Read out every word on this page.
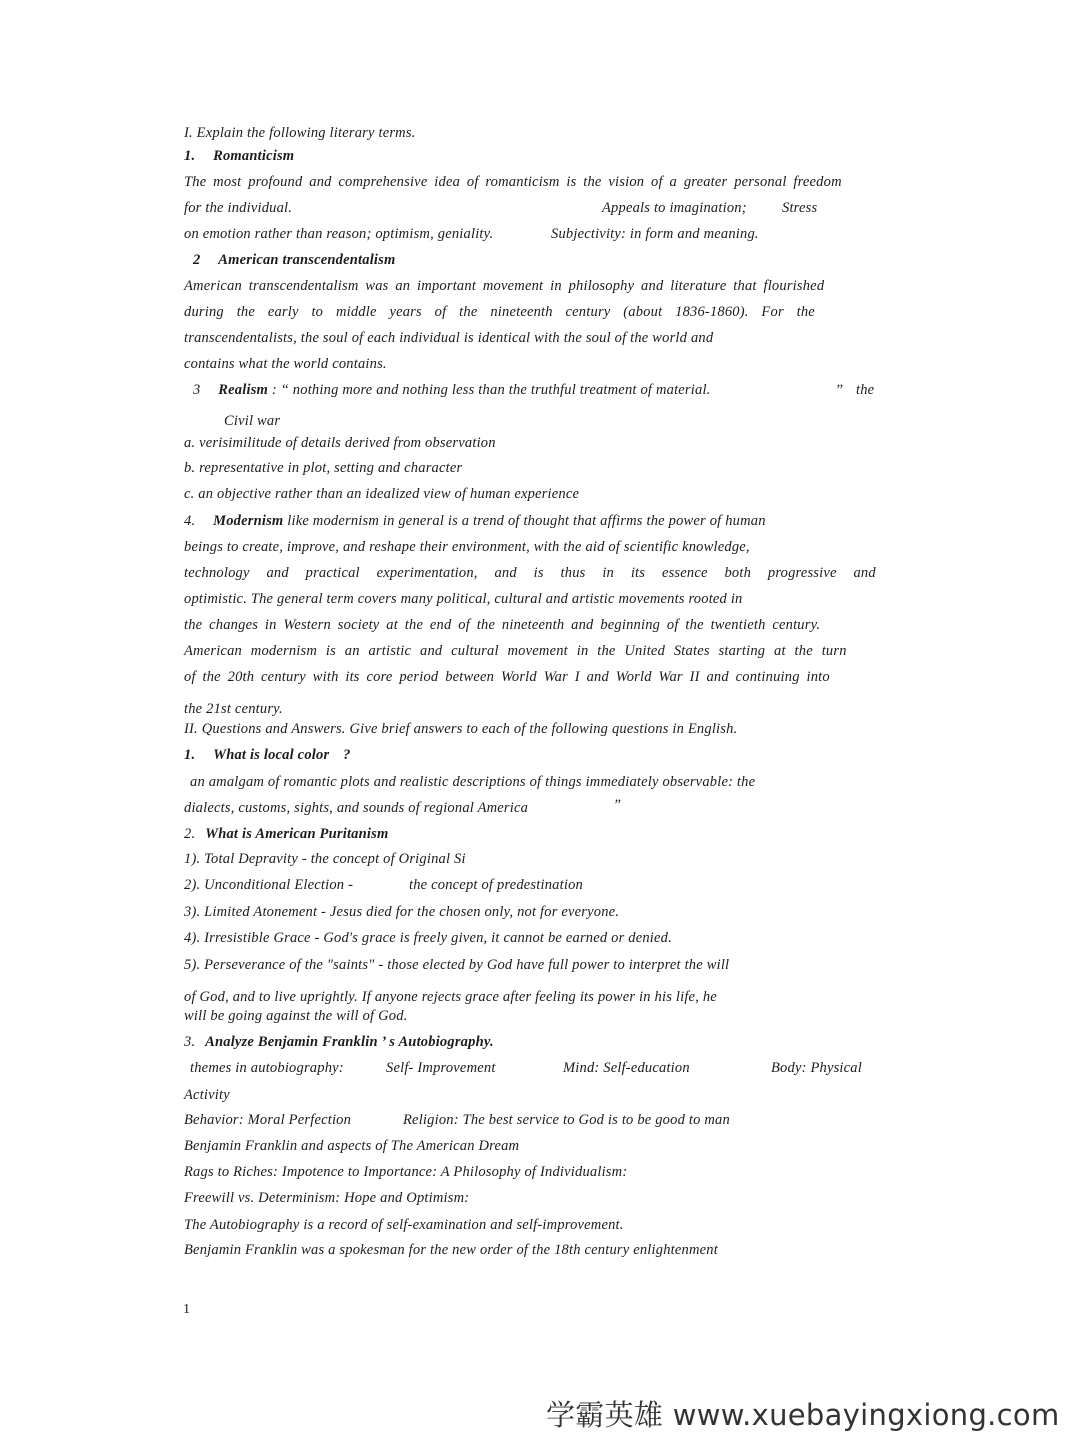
I. Explain the following literary terms.
1. Romanticism
The most profound and comprehensive idea of romanticism is the vision of a greater personal freedom
for the individual.	Appeals to imagination; Stress
on emotion rather than reason; optimism, geniality.	Subjectivity: in form and meaning.
2 American transcendentalism
American transcendentalism was an important movement in philosophy and literature that flourished
during the early to middle years of the nineteenth century (about 1836-1860). For the
transcendentalists, the soul of each individual is identical with the soul of the world and
contains what the world contains.
3 Realism : “ nothing more and nothing less than the truthful treatment of material.	” the
Civil war
a. verisimilitude of details derived from observation
b. representative in plot, setting and character
c. an objective rather than an idealized view of human experience
4. Modernism like modernism in general is a trend of thought that affirms the power of human
beings to create, improve, and reshape their environment, with the aid of scientific knowledge,
technology and practical experimentation, and is thus in its essence both progressive and
optimistic. The general term covers many political, cultural and artistic movements rooted in
the changes in Western society at the end of the nineteenth and beginning of the twentieth century.
American modernism is an artistic and cultural movement in the United States starting at the turn
of the 20th century with its core period between World War I and World War II and continuing into
the 21st century.
II. Questions and Answers. Give brief answers to each of the following questions in English.
1. What is local color ?
an amalgam of romantic plots and realistic descriptions of things immediately observable: the
dialects, customs, sights, and sounds of regional America	”
2. What is American Puritanism
1). Total Depravity - the concept of Original Si
2). Unconditional Election -	the concept of predestination
3). Limited Atonement - Jesus died for the chosen only, not for everyone.
4). Irresistible Grace - God's grace is freely given, it cannot be earned or denied.
5). Perseverance of the "saints" - those elected by God have full power to interpret the will
of God, and to live uprightly. If anyone rejects grace after feeling its power in his life, he
will be going against the will of God.
3. Analyze Benjamin Franklin ’ s Autobiography.
themes in autobiography:	Self- Improvement	Mind: Self-education	Body: Physical
Activity
Behavior: Moral Perfection	Religion: The best service to God is to be good to man
Benjamin Franklin and aspects of The American Dream
Rags to Riches: Impotence to Importance: A Philosophy of Individualism:
Freewill vs. Determinism: Hope and Optimism:
The Autobiography is a record of self-examination and self-improvement.
Benjamin Franklin was a spokesman for the new order of the 18th century enlightenment
1
学霸英雄 www.xuebayingxiong.com
